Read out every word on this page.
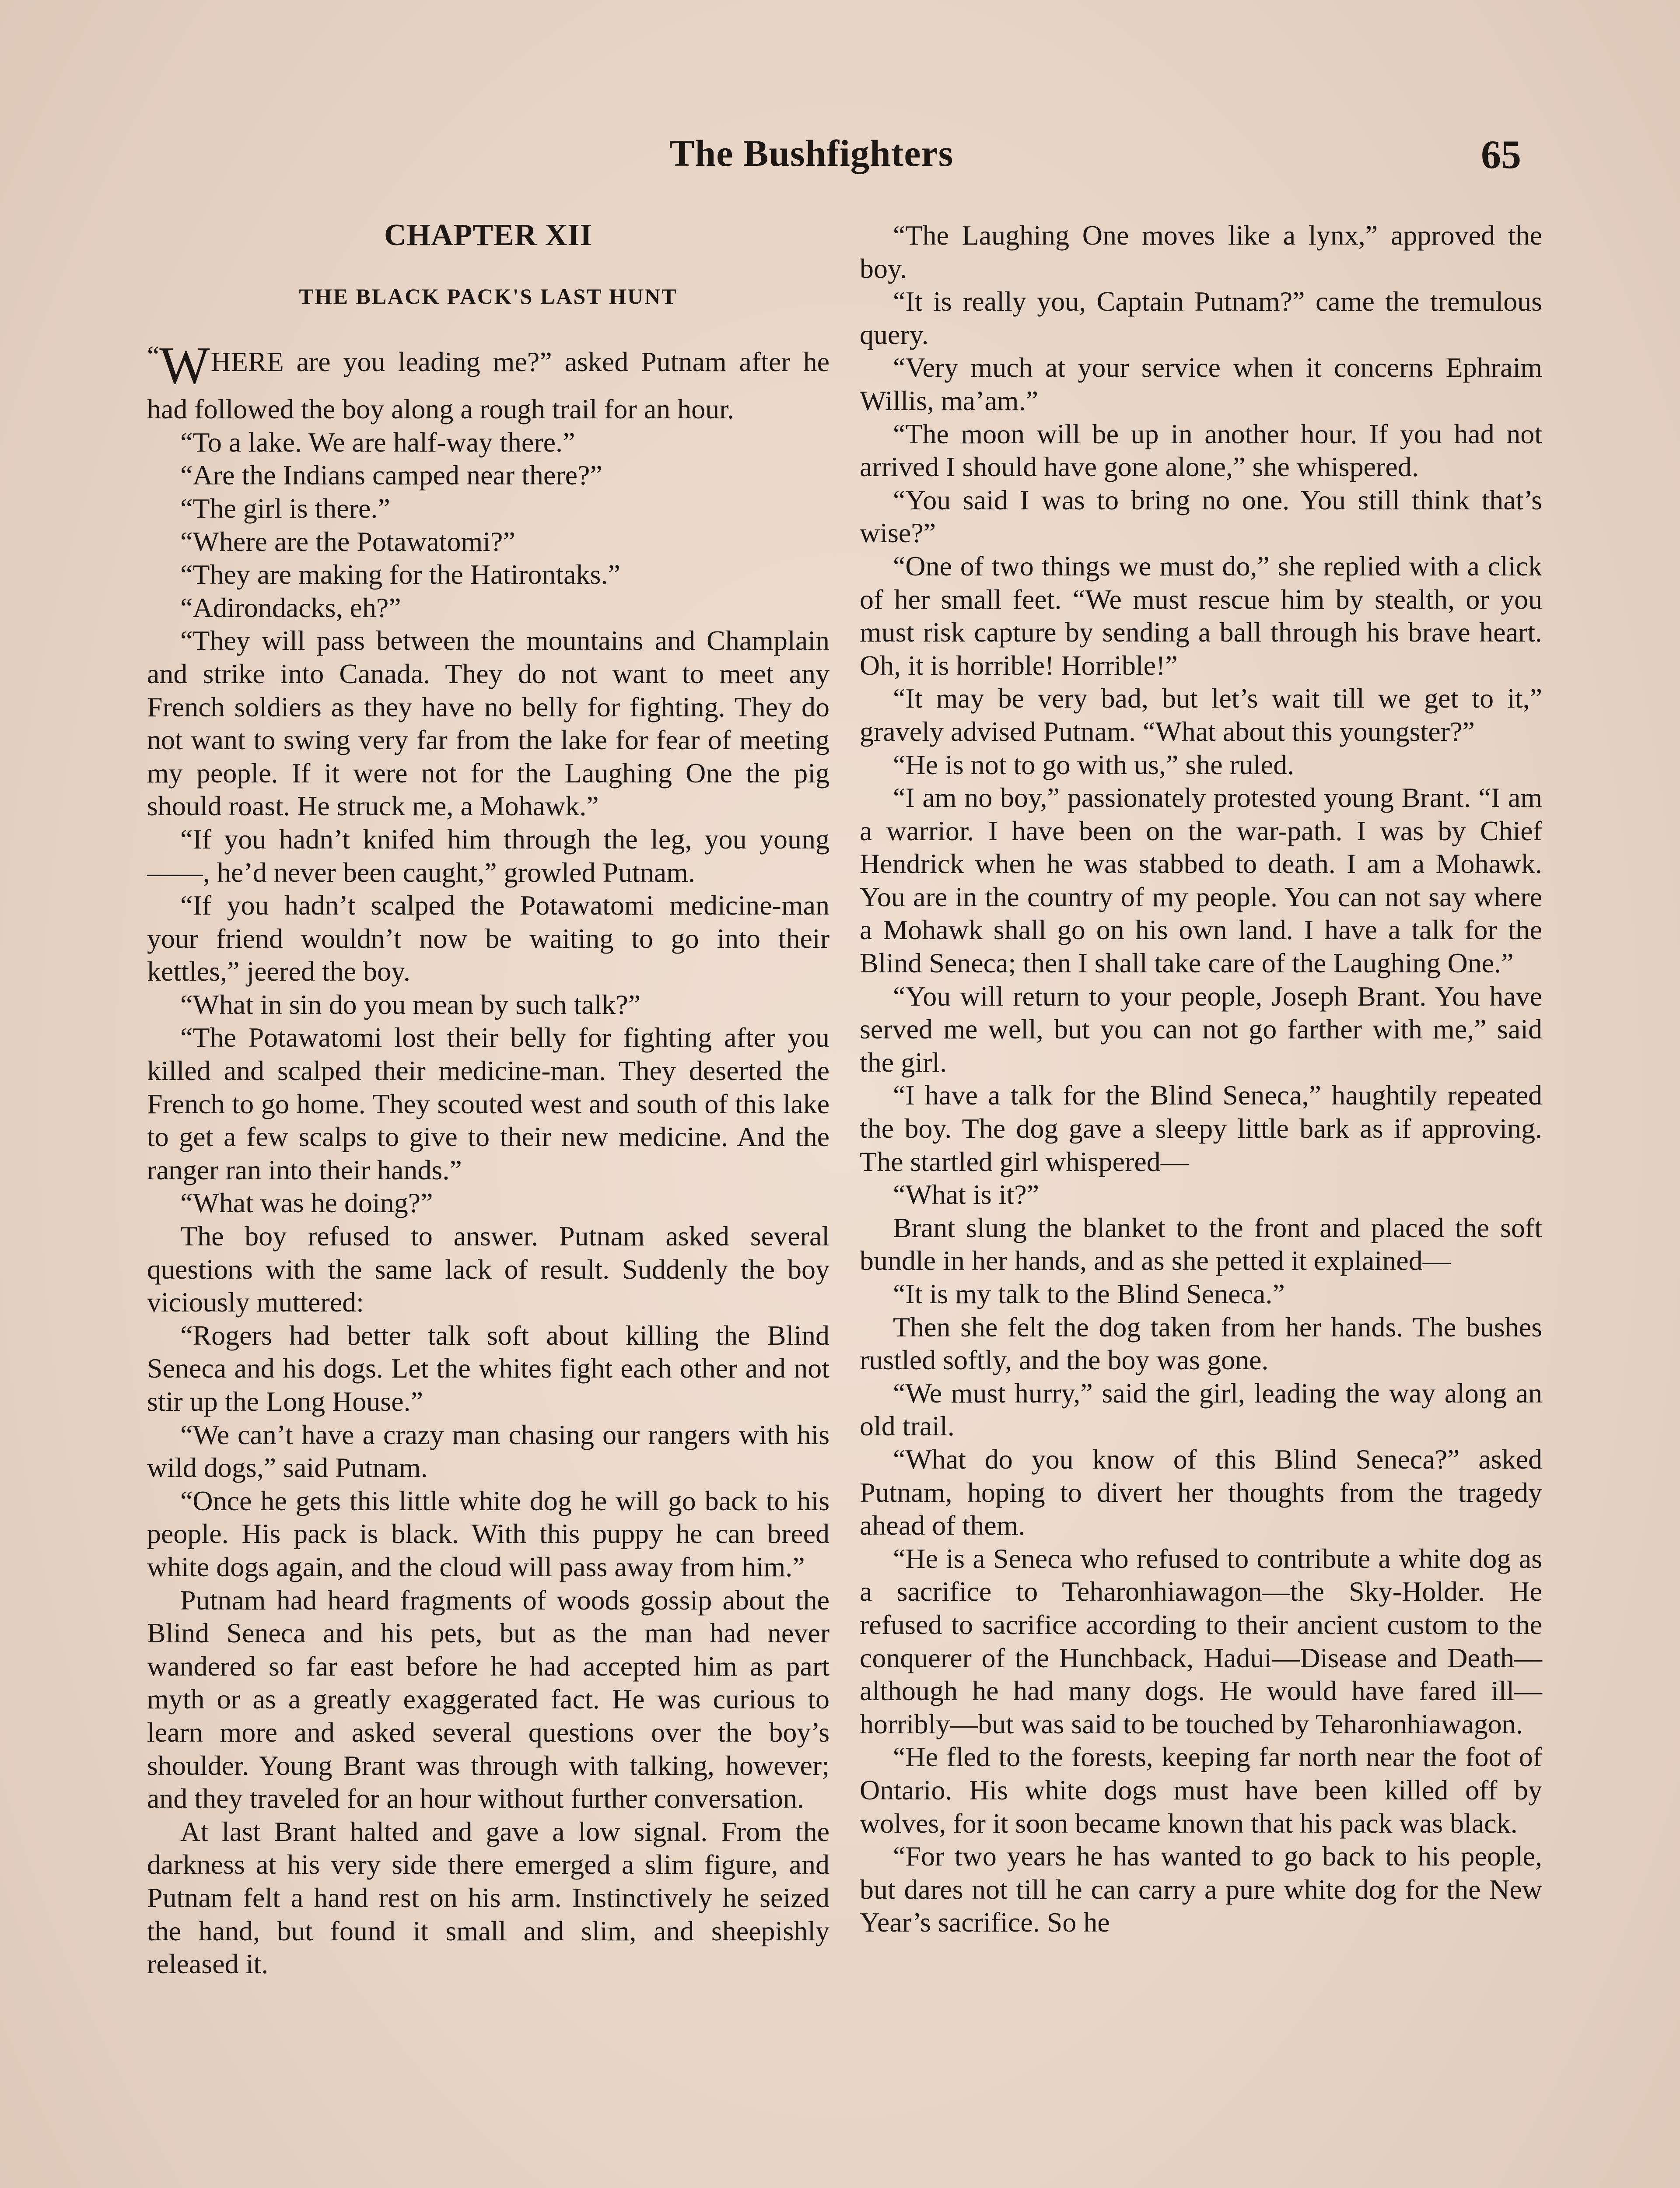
The Bushfighters	65
CHAPTER XII
THE BLACK PACK'S LAST HUNT

“WHERE are you leading me?” asked Putnam after he had followed the boy along a rough trail for an hour.

“To a lake. We are half-way there.”

“Are the Indians camped near there?”

“The girl is there.”

“Where are the Potawatomi?”

“They are making for the Hatirontaks.”

“Adirondacks, eh?”

“They will pass between the mountains and Champlain and strike into Canada. They do not want to meet any French soldiers as they have no belly for fighting. They do not want to swing very far from the lake for fear of meeting my people. If it were not for the Laughing One the pig should roast. He struck me, a Mohawk.”

“If you hadn’t knifed him through the leg, you young ——, he’d never been caught,” growled Putnam.

“If you hadn’t scalped the Potawatomi medicine-man your friend wouldn’t now be waiting to go into their kettles,” jeered the boy.

“What in sin do you mean by such talk?”

“The Potawatomi lost their belly for fighting after you killed and scalped their medicine-man. They deserted the French to go home. They scouted west and south of this lake to get a few scalps to give to their new medicine. And the ranger ran into their hands.”

“What was he doing?”

The boy refused to answer. Putnam asked several questions with the same lack of result. Suddenly the boy viciously muttered:

“Rogers had better talk soft about killing the Blind Seneca and his dogs. Let the whites fight each other and not stir up the Long House.”

“We can’t have a crazy man chasing our rangers with his wild dogs,” said Putnam.

“Once he gets this little white dog he will go back to his people. His pack is black. With this puppy he can breed white dogs again, and the cloud will pass away from him.”

Putnam had heard fragments of woods gossip about the Blind Seneca and his pets, but as the man had never wandered so far east before he had accepted him as part myth or as a greatly exaggerated fact. He was curious to learn more and asked several questions over the boy’s shoulder. Young Brant was through with talking, however; and they traveled for an hour without further conversation.

At last Brant halted and gave a low signal. From the darkness at his very side there emerged a slim figure, and Putnam felt a hand rest on his arm. Instinctively he seized the hand, but found it small and slim, and sheepishly released it.

“The Laughing One moves like a lynx,” approved the boy.

“It is really you, Captain Putnam?” came the tremulous query.

“Very much at your service when it concerns Ephraim Willis, ma’am.”

“The moon will be up in another hour. If you had not arrived I should have gone alone,” she whispered.

“You said I was to bring no one. You still think that’s wise?”

“One of two things we must do,” she replied with a click of her small feet. “We must rescue him by stealth, or you must risk capture by sending a ball through his brave heart. Oh, it is horrible! Horrible!”

“It may be very bad, but let’s wait till we get to it,” gravely advised Putnam. “What about this youngster?”

“He is not to go with us,” she ruled.

“I am no boy,” passionately protested young Brant. “I am a warrior. I have been on the war-path. I was by Chief Hendrick when he was stabbed to death. I am a Mohawk. You are in the country of my people. You can not say where a Mohawk shall go on his own land. I have a talk for the Blind Seneca; then I shall take care of the Laughing One.”

“You will return to your people, Joseph Brant. You have served me well, but you can not go farther with me,” said the girl.

“I have a talk for the Blind Seneca,” haughtily repeated the boy. The dog gave a sleepy little bark as if approving. The startled girl whispered—

“What is it?”

Brant slung the blanket to the front and placed the soft bundle in her hands, and as she petted it explained—

“It is my talk to the Blind Seneca.”

Then she felt the dog taken from her hands. The bushes rustled softly, and the boy was gone.

“We must hurry,” said the girl, leading the way along an old trail.

“What do you know of this Blind Seneca?” asked Putnam, hoping to divert her thoughts from the tragedy ahead of them.

“He is a Seneca who refused to contribute a white dog as a sacrifice to Teharonhiawagon—the Sky-Holder. He refused to sacrifice according to their ancient custom to the conquerer of the Hunchback, Hadui—Disease and Death—although he had many dogs. He would have fared ill—horribly—but was said to be touched by Teharonhiawagon.

“He fled to the forests, keeping far north near the foot of Ontario. His white dogs must have been killed off by wolves, for it soon became known that his pack was black.

“For two years he has wanted to go back to his people, but dares not till he can carry a pure white dog for the New Year’s sacrifice. So he
